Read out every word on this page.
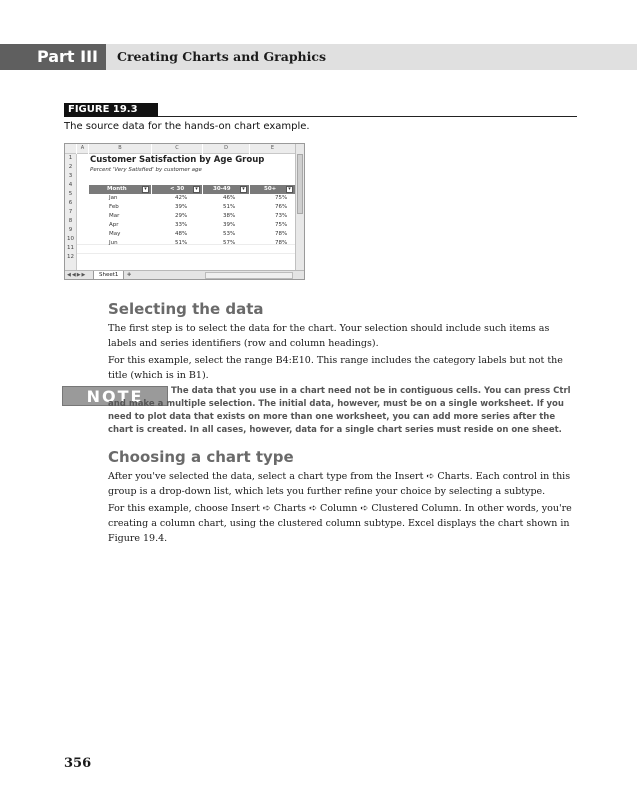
Part III	Creating Charts and Graphics
FIGURE 19.3
The source data for the hands-on chart example.
A	B	C	D	E
1
2
3
4
5
6
7
8
9
10
11
12
Customer Satisfaction by Age Group
Percent 'Very Satisfied' by customer age
Month	▾	< 30	▾	30-49	▾	50+	▾
Jan	42%	46%	75%
Feb	39%	51%	76%
Mar	29%	38%	73%
Apr	33%	39%	75%
May	48%	53%	78%
Jun	51%	57%	78%
◀◀▶▶	Sheet1	✚
Selecting the data

The first step is to select the data for the chart. Your selection should include such items as labels and series identifiers (row and column headings).

For this example, select the range B4:E10. This range includes the category labels but not the title (which is in B1).

NOTE	The data that you use in a chart need not be in contiguous cells. You can press Ctrl and make a multiple selection. The initial data, however, must be on a single worksheet. If you need to plot data that exists on more than one worksheet, you can add more series after the chart is created. In all cases, however, data for a single chart series must reside on one sheet.

Choosing a chart type

After you've selected the data, select a chart type from the Insert ➪ Charts. Each control in this group is a drop-down list, which lets you further refine your choice by selecting a subtype.

For this example, choose Insert ➪ Charts ➪ Column ➪ Clustered Column. In other words, you're creating a column chart, using the clustered column subtype. Excel displays the chart shown in Figure 19.4.

356
